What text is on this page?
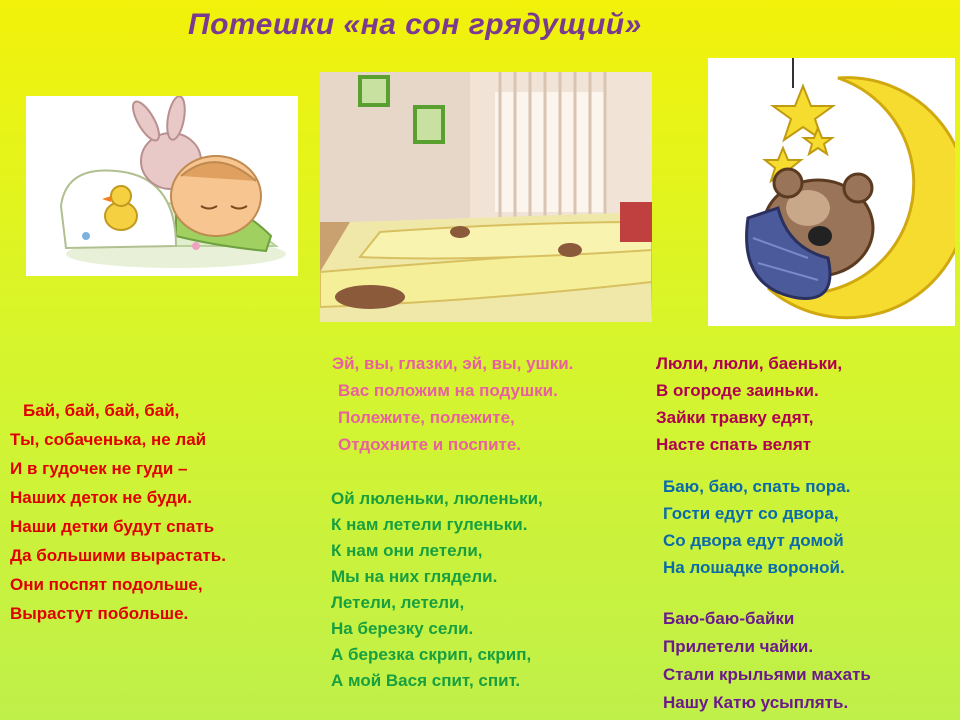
Потешки «на сон грядущий»
Бай, бай, бай, бай,
Ты, собаченька, не лай
И в гудочек не гуди –
Наших деток не буди.
Наши детки будут спать
Да большими вырастать.
Они поспят подольше,
Вырастут побольше.
Эй, вы, глазки, эй, вы, ушки.
Вас положим на подушки.
Полежите, полежите,
Отдохните и поспите.
Люли, люли, баеньки,
В огороде заиньки.
Зайки травку едят,
Насте спать велят
Ой люленьки, люленьки,
К нам летели гуленьки.
К нам они летели,
Мы на них глядели.
Летели, летели,
На березку сели.
А березка скрип, скрип,
А мой Вася спит, спит.
Баю, баю, спать пора.
Гости едут со двора,
Со двора едут домой
На лошадке вороной.
Баю-баю-байки
Прилетели чайки.
Стали крыльями махать
Нашу Катю усыплять.
